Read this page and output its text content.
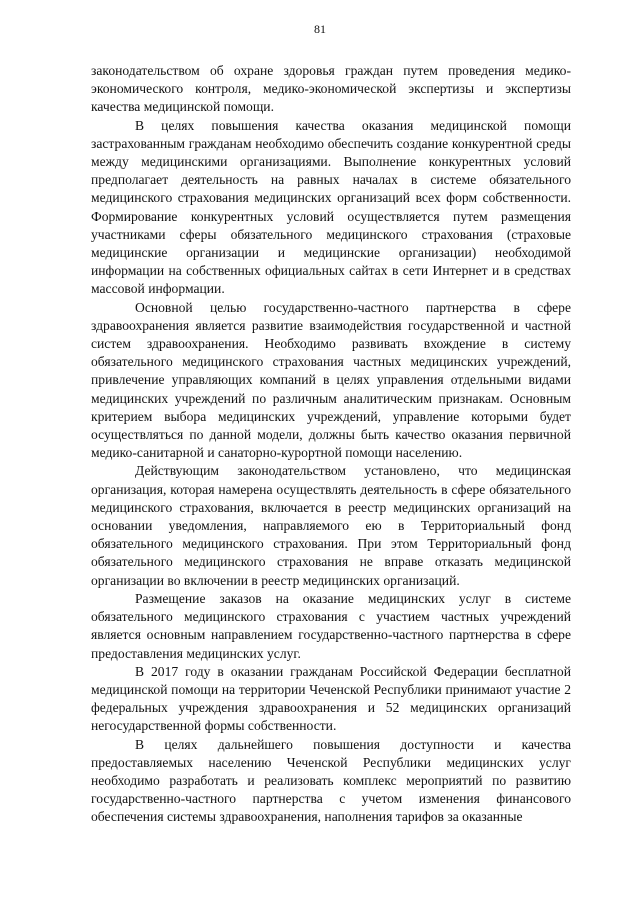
81

законодательством об охране здоровья граждан путем проведения медико-экономического контроля, медико-экономической экспертизы и экспертизы качества медицинской помощи.

В целях повышения качества оказания медицинской помощи застрахованным гражданам необходимо обеспечить создание конкурентной среды между медицинскими организациями. Выполнение конкурентных условий предполагает деятельность на равных началах в системе обязательного медицинского страхования медицинских организаций всех форм собственности. Формирование конкурентных условий осуществляется путем размещения участниками сферы обязательного медицинского страхования (страховые медицинские организации и медицинские организации) необходимой информации на собственных официальных сайтах в сети Интернет и в средствах массовой информации.

Основной целью государственно-частного партнерства в сфере здравоохранения является развитие взаимодействия государственной и частной систем здравоохранения. Необходимо развивать вхождение в систему обязательного медицинского страхования частных медицинских учреждений, привлечение управляющих компаний в целях управления отдельными видами медицинских учреждений по различным аналитическим признакам. Основным критерием выбора медицинских учреждений, управление которыми будет осуществляться по данной модели, должны быть качество оказания первичной медико-санитарной и санаторно-курортной помощи населению.

Действующим законодательством установлено, что медицинская организация, которая намерена осуществлять деятельность в сфере обязательного медицинского страхования, включается в реестр медицинских организаций на основании уведомления, направляемого ею в Территориальный фонд обязательного медицинского страхования. При этом Территориальный фонд обязательного медицинского страхования не вправе отказать медицинской организации во включении в реестр медицинских организаций.

Размещение заказов на оказание медицинских услуг в системе обязательного медицинского страхования с участием частных учреждений является основным направлением государственно-частного партнерства в сфере предоставления медицинских услуг.

В 2017 году в оказании гражданам Российской Федерации бесплатной медицинской помощи на территории Чеченской Республики принимают участие 2 федеральных учреждения здравоохранения и 52 медицинских организаций негосударственной формы собственности.

В целях дальнейшего повышения доступности и качества предоставляемых населению Чеченской Республики медицинских услуг необходимо разработать и реализовать комплекс мероприятий по развитию государственно-частного партнерства с учетом изменения финансового обеспечения системы здравоохранения, наполнения тарифов за оказанные
